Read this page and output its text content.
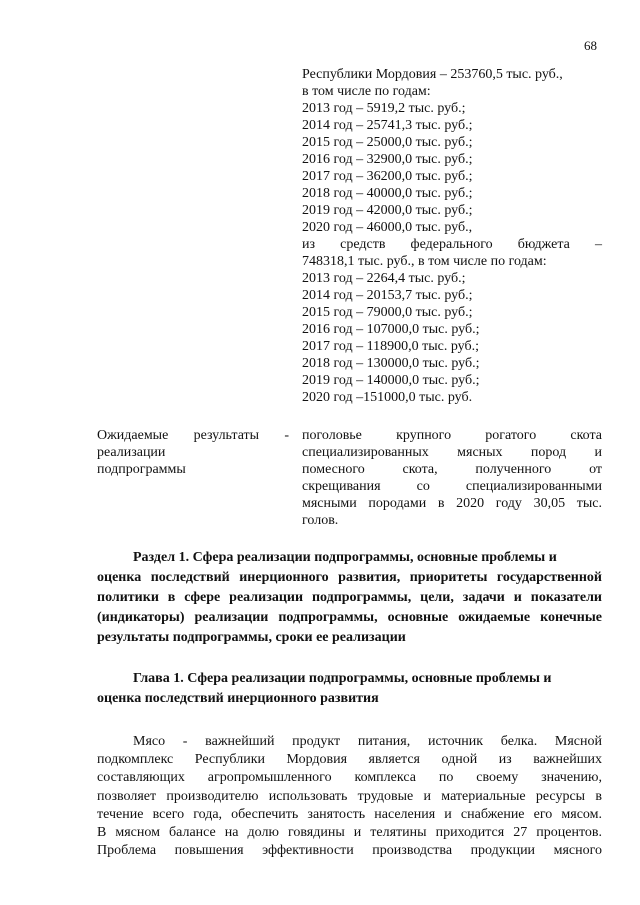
68
Республики Мордовия – 253760,5 тыс. руб.,
в том числе по годам:
2013 год – 5919,2 тыс. руб.;
2014 год – 25741,3 тыс. руб.;
2015 год – 25000,0 тыс. руб.;
2016 год – 32900,0 тыс. руб.;
2017 год – 36200,0 тыс. руб.;
2018 год – 40000,0 тыс. руб.;
2019 год – 42000,0 тыс. руб.;
2020 год – 46000,0 тыс. руб.,
из средств федерального бюджета –
748318,1 тыс. руб., в том числе по годам:
2013 год – 2264,4 тыс. руб.;
2014 год – 20153,7 тыс. руб.;
2015 год – 79000,0 тыс. руб.;
2016 год – 107000,0 тыс. руб.;
2017 год – 118900,0 тыс. руб.;
2018 год – 130000,0 тыс. руб.;
2019 год – 140000,0 тыс. руб.;
2020 год –151000,0 тыс. руб.
Ожидаемые результаты -
реализации
подпрограммы
поголовье крупного рогатого скота
специализированных мясных пород и
помесного скота, полученного от
скрещивания со специализированными
мясными породами в 2020 году 30,05 тыс.
голов.
Раздел 1. Сфера реализации подпрограммы, основные проблемы и
оценка последствий инерционного развития, приоритеты государственной политики в сфере реализации подпрограммы, цели, задачи и показатели (индикаторы) реализации подпрограммы, основные ожидаемые конечные результаты подпрограммы, сроки ее реализации
Глава 1. Сфера реализации подпрограммы, основные проблемы и
оценка последствий инерционного развития
Мясо - важнейший продукт питания, источник белка. Мясной
подкомплекс Республики Мордовия является одной из важнейших
составляющих агропромышленного комплекса по своему значению,
позволяет производителю использовать трудовые и материальные ресурсы в
течение всего года, обеспечить занятость населения и снабжение его мясом.
В мясном балансе на долю говядины и телятины приходится 27 процентов.
Проблема повышения эффективности производства продукции мясного
